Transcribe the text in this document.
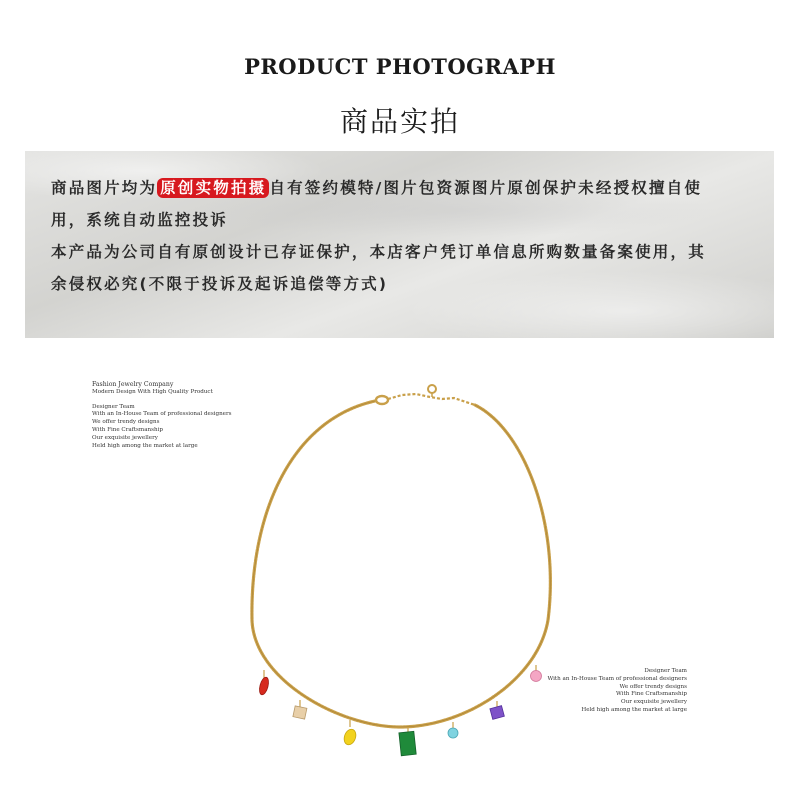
PRODUCT PHOTOGRAPH
商品实拍
商品图片均为 原创实物拍摄 自有签约模特/图片包资源图片原创保护未经授权擅自使
用，系统自动监控投诉
本产品为公司自有原创设计已存证保护，本店客户凭订单信息所购数量备案使用，其
余侵权必究(不限于投诉及起诉追偿等方式)
Fashion Jewelry Company
Modern Design With High Quality Product
Designer Team
With an In-House Team of professional designers
We offer trendy designs
With Fine Craftsmanship
Our exquisite jewellery
Held high among the market at large
Designer Team
With an In-House Team of professional designers
We offer trendy designs
With Fine Craftsmanship
Our exquisite jewellery
Held high among the market at large
